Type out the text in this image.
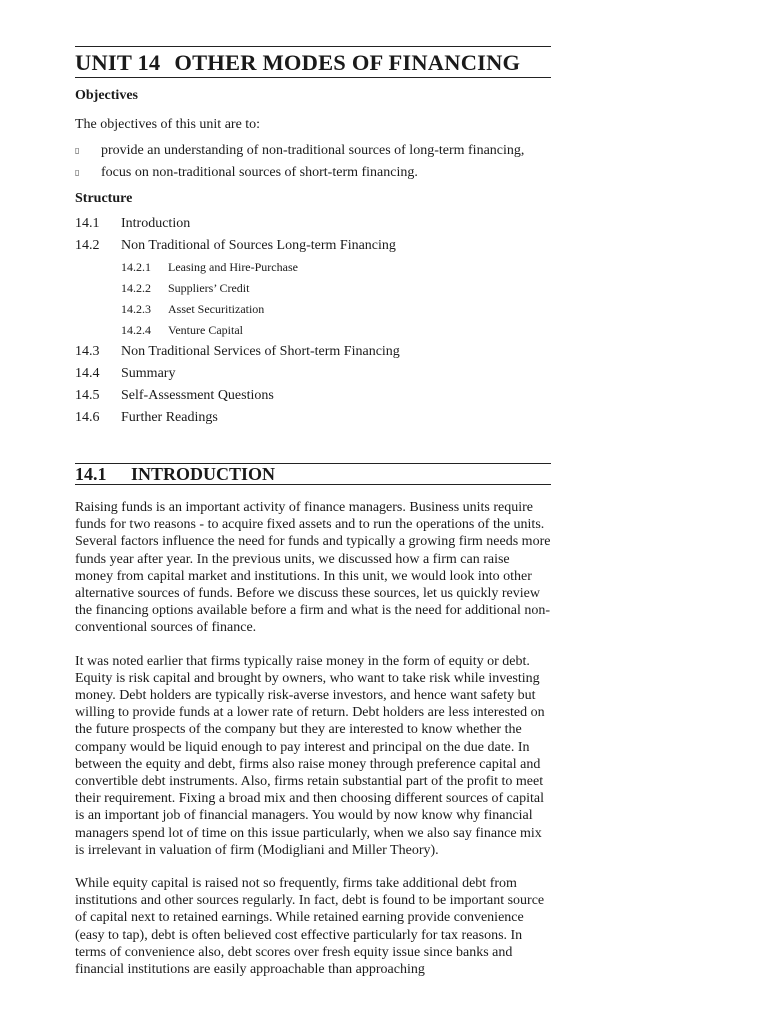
UNIT 14 OTHER MODES OF FINANCING
Objectives
The objectives of this unit are to:
▯ provide an understanding of non-traditional sources of long-term financing,
▯ focus on non-traditional sources of short-term financing.
Structure
14.1 Introduction
14.2 Non Traditional of Sources Long-term Financing
14.2.1 Leasing and Hire-Purchase
14.2.2 Suppliers’ Credit
14.2.3 Asset Securitization
14.2.4 Venture Capital
14.3 Non Traditional Services of Short-term Financing
14.4 Summary
14.5 Self-Assessment Questions
14.6 Further Readings
14.1 INTRODUCTION

Raising funds is an important activity of finance managers. Business units require funds for two reasons - to acquire fixed assets and to run the operations of the units. Several factors influence the need for funds and typically a growing firm needs more funds year after year. In the previous units, we discussed how a firm can raise money from capital market and institutions. In this unit, we would look into other alternative sources of funds. Before we discuss these sources, let us quickly review the financing options available before a firm and what is the need for additional non-conventional sources of finance.

It was noted earlier that firms typically raise money in the form of equity or debt. Equity is risk capital and brought by owners, who want to take risk while investing money. Debt holders are typically risk-averse investors, and hence want safety but willing to provide funds at a lower rate of return. Debt holders are less interested on the future prospects of the company but they are interested to know whether the company would be liquid enough to pay interest and principal on the due date. In between the equity and debt, firms also raise money through preference capital and convertible debt instruments. Also, firms retain substantial part of the profit to meet their requirement. Fixing a broad mix and then choosing different sources of capital is an important job of financial managers. You would by now know why financial managers spend lot of time on this issue particularly, when we also say finance mix is irrelevant in valuation of firm (Modigliani and Miller Theory).

While equity capital is raised not so frequently, firms take additional debt from institutions and other sources regularly. In fact, debt is found to be important source of capital next to retained earnings. While retained earning provide convenience (easy to tap), debt is often believed cost effective particularly for tax reasons. In terms of convenience also, debt scores over fresh equity issue since banks and financial institutions are easily approachable than approaching
